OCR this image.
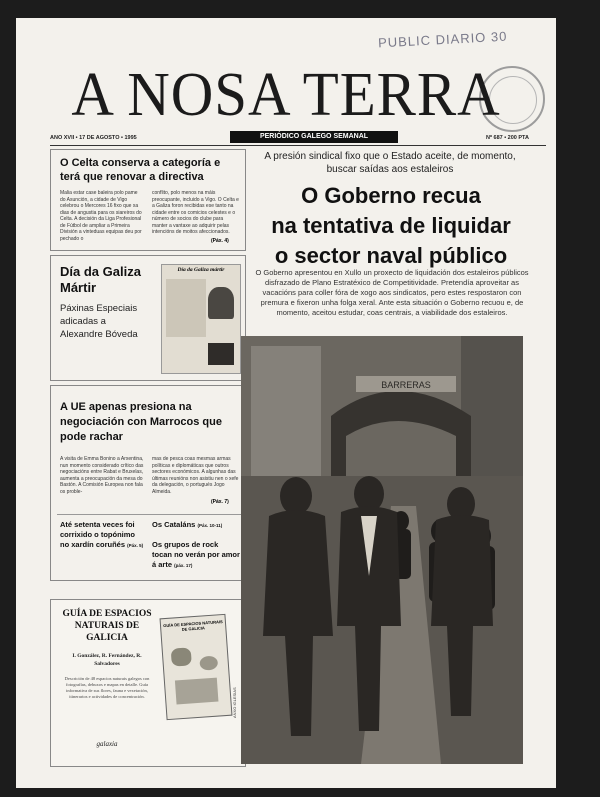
PUBLIC DIARIO 30
A NOSA TERRA
ANO XVII • 17 DE AGOSTO • 1995	PERIÓDICO GALEGO SEMANAL	Nº 687 • 200 PTA
O Celta conserva a categoría e terá que renovar a directiva
Malia estar case baleira polo pame do Asunción, a cidade de Vigo celebrou o Mercores 16 fixo que xa dias de angustia para os siareiros do Celta. A decisión da Liga Profesional de Fútbol de ampliar a Primeira División a vinteduas equipas deu por pechado o
conflito, polo menos na máis preocupante, incluido a Vigo. O Celta e a Galiza foron recibidas ese tanto na cidade entre os comicios celestes e o número de socios do clube para manter a vantaxe ao adquirir pelas intencións de moitos afeccionados.
(Páx. 4)
Día da Galiza Mártir
Páxinas Especiais adicadas a Alexandre Bóveda
Día da Galiza mártir
A UE apenas presiona na negociación con Marrocos que pode rachar
A visita de Emma Bonino a Arxentina, nun momento considerado crítico das negociacións entre Rabat e Bruxelas, aumenta a preocupación da mesa do Bastón. A Comisión Europea non fala os proble-
mas de pesca coas mesmas armas políticas e diplomáticas que outros sectores económicos. A algunhas das últimas reunións non asistiu nen o xefe da delegación, o portugués Jogo Almeida.
(Páx. 7)
Até setenta veces foi corrixido o topónimo no xardín coruñés (Páx. 5)
Os Cataláns (Páx. 10-11)
Os grupos de rock tocan no verán por amor á arte (páx. 17)
GUÍA DE ESPACIOS NATURAIS DE GALICIA
I. González, R. Fernández, R. Salvadores
Descrición de 48 espacios naturais galegos con fotografías, debuxos e mapas en detalle. Guía informativa de sus flores, fauna e vexetación, itinerarios e actividades de concentración.
galaxia
GUÍA DE ESPACIOS NATURAIS DE GALICIA
A presión sindical fixo que o Estado aceite, de momento, buscar saídas aos estaleiros
O Goberno recua
na tentativa de liquidar
o sector naval público
O Goberno apresentou en Xullo un proxecto de liquidación dos estaleiros públicos disfrazado de Plano Estratéxico de Competitividade. Pretendía aproveitar as vacacións para coller fóra de xogo aos sindicatos, pero estes respostaron con premura e fixeron unha folga xeral. Ante esta situación o Goberno recuou e, de momento, aceitou estudar, coas centrais, a viabilidade dos estaleiros.
BARRERAS
ANXO IGLESIAS
